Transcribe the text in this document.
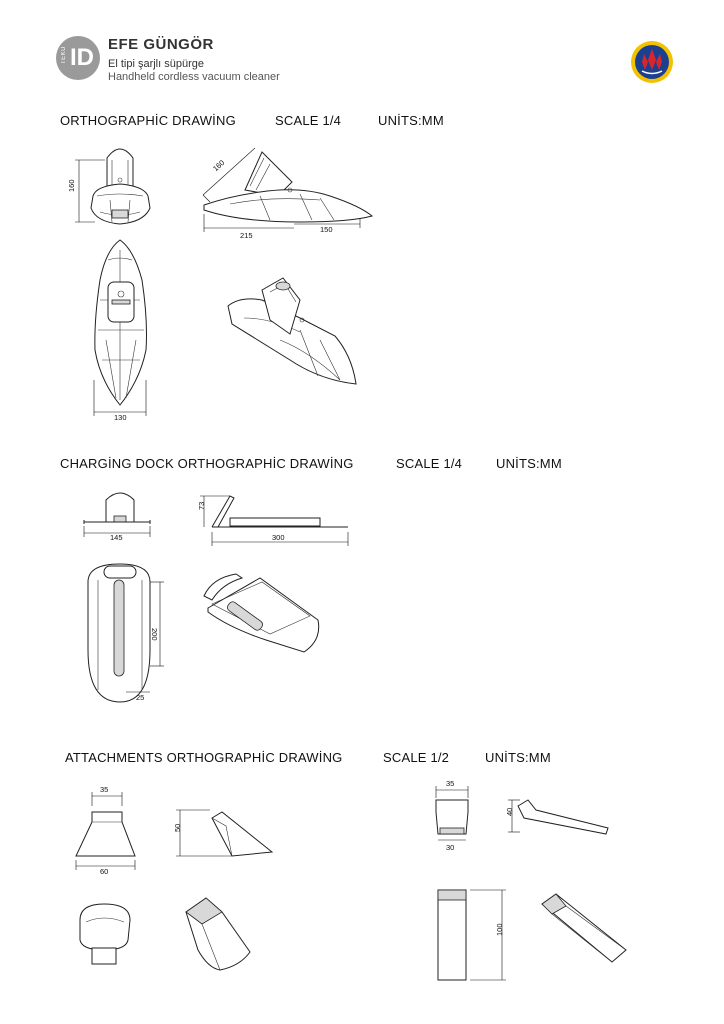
TEKU ID EFE GÜNGÖR
El tipi şarjlı süpürge
Handheld cordless vacuum cleaner
ORTHOGRAPHİC DRAWİNG	SCALE 1/4	UNİTS:MM
CHARGİNG DOCK ORTHOGRAPHİC DRAWİNG	SCALE 1/4	UNİTS:MM
ATTACHMENTS ORTHOGRAPHİC DRAWİNG	SCALE 1/2	UNİTS:MM
160
160
215
150
130
145
73
300
200
25
35
60
50
35
30
40
100
